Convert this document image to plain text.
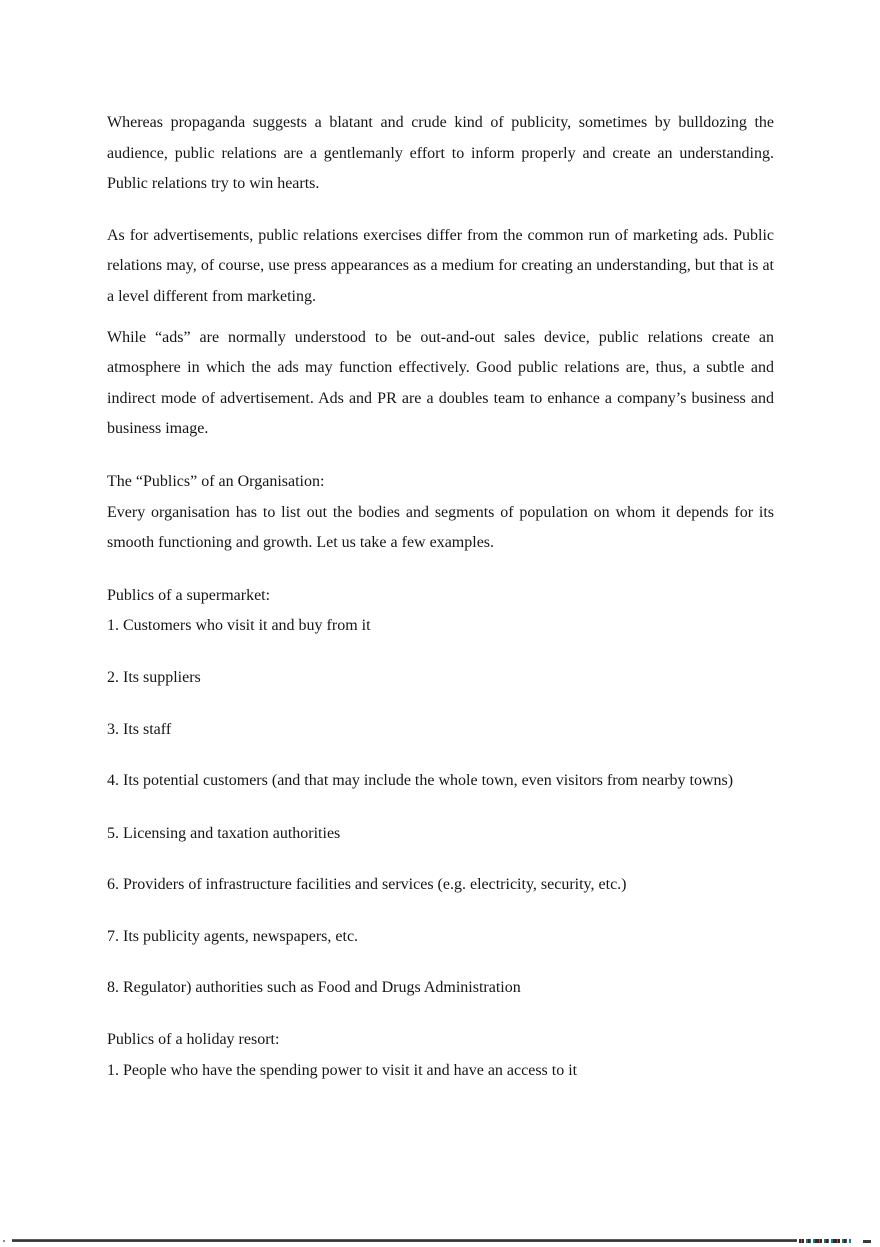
Whereas propaganda suggests a blatant and crude kind of publicity, sometimes by bulldozing the audience, public relations are a gentlemanly effort to inform properly and create an understanding. Public relations try to win hearts.

As for advertisements, public relations exercises differ from the common run of marketing ads. Public relations may, of course, use press appearances as a medium for creating an understanding, but that is at a level different from marketing.

While “ads” are normally understood to be out-and-out sales device, public relations create an atmosphere in which the ads may function effectively. Good public relations are, thus, a subtle and indirect mode of advertisement. Ads and PR are a doubles team to enhance a company’s business and business image.

The “Publics” of an Organisation:

Every organisation has to list out the bodies and segments of population on whom it depends for its smooth functioning and growth. Let us take a few examples.

Publics of a supermarket:

1. Customers who visit it and buy from it

2. Its suppliers

3. Its staff

4. Its potential customers (and that may include the whole town, even visitors from nearby towns)

5. Licensing and taxation authorities

6. Providers of infrastructure facilities and services (e.g. electricity, security, etc.)

7. Its publicity agents, newspapers, etc.

8. Regulator) authorities such as Food and Drugs Administration

Publics of a holiday resort:

1. People who have the spending power to visit it and have an access to it
